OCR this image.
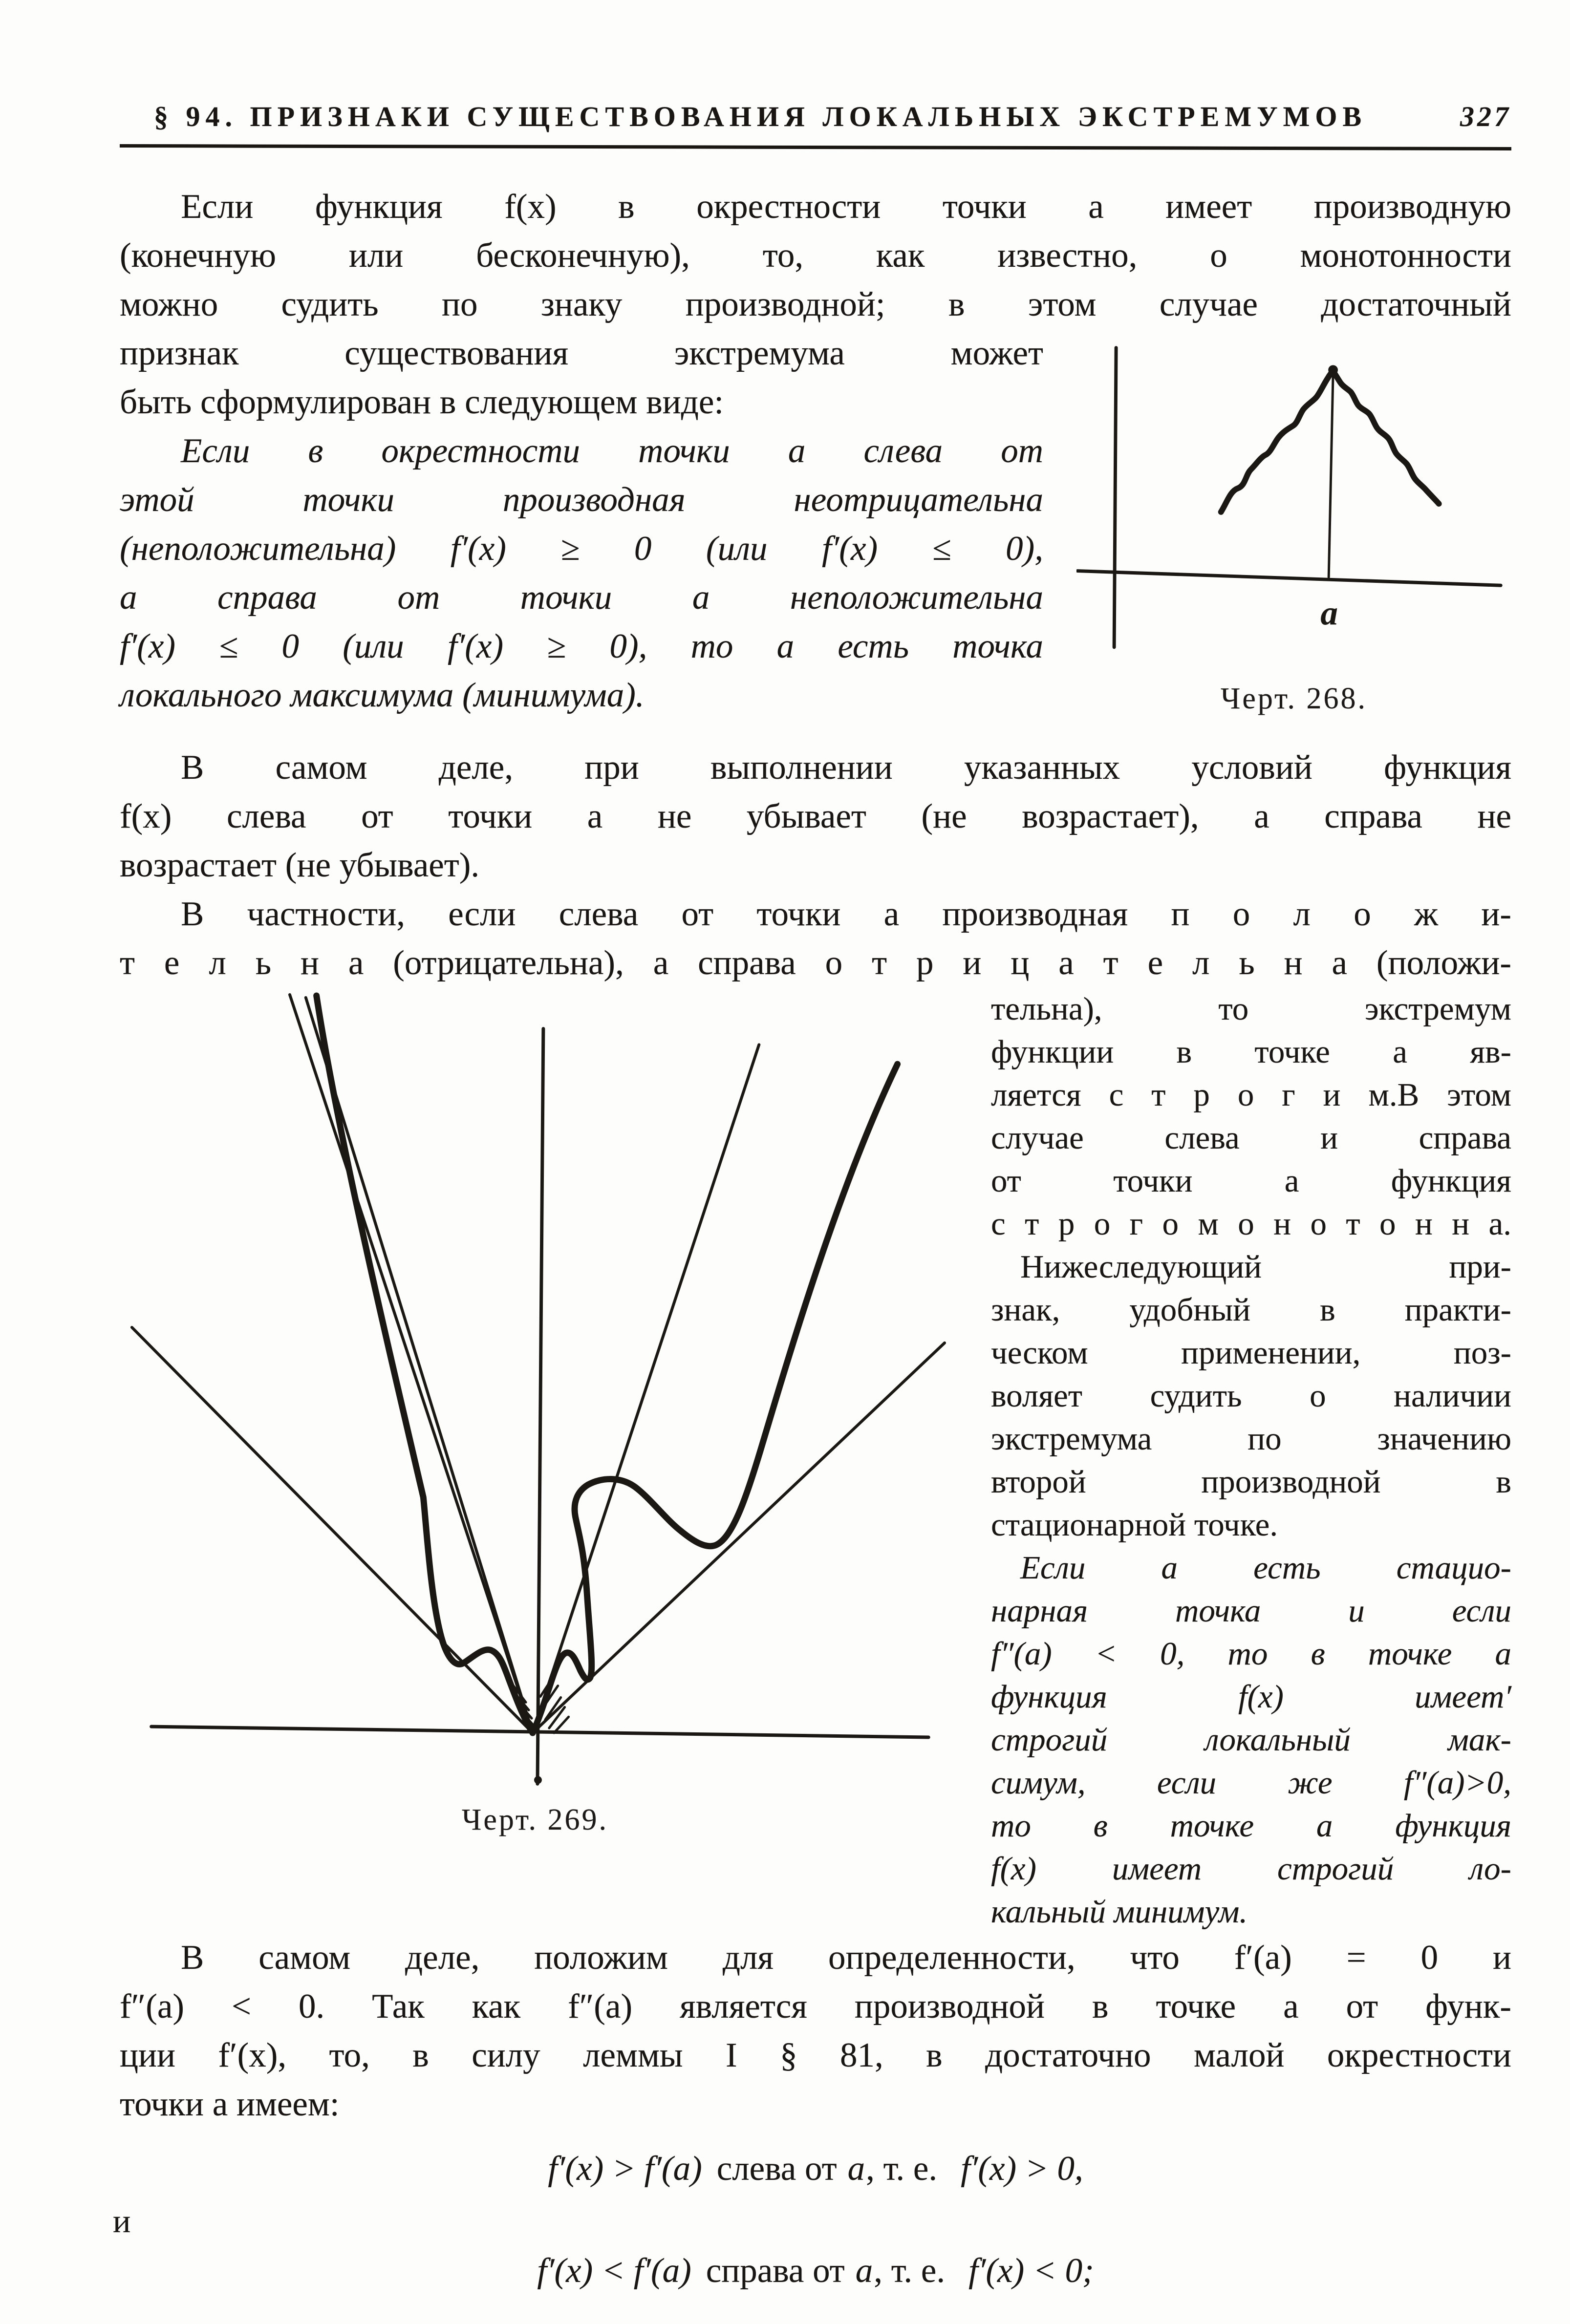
§ 94. ПРИЗНАКИ СУЩЕСТВОВАНИЯ ЛОКАЛЬНЫХ ЭКСТРЕМУМОВ	327

Если функция f(x) в окрестности точки a имеет производную
(конечную или бесконечную), то, как известно, о монотонности
можно судить по знаку производной; в этом случае достаточный

a
Черт. 268.

признак существования экстремума может
быть сформулирован в следующем виде:

Если в окрестности точки a слева от
этой точки производная неотрицательна
(неположительна) f′(x) ≥ 0 (или f′(x) ≤ 0),
а справа от точки a неположительна
f′(x) ≤ 0 (или f′(x) ≥ 0), то a есть точка
локального максимума (минимума).

В самом деле, при выполнении указанных условий функция
f(x) слева от точки a не убывает (не возрастает), а справа не
возрастает (не убывает).

В частности, если слева от точки a производная п о л о ж и-
т е л ь н а (отрицательна), а справа о т р и ц а т е л ь н а (положи-

Черт. 269.

тельна), то экстремум
функции в точке a яв-
ляется с т р о г и м.В этом
случае слева и справа
от точки a функция
с т р о г о м о н о т о н н а.

Нижеследующий при-
знак, удобный в практи-
ческом применении, поз-
воляет судить о наличии
экстремума по значению
второй производной в
стационарной точке.

Если a есть стацио-
нарная точка и если
f″(a) < 0, то в точке a
функция f(x) имеет′
строгий локальный мак-
симум, если же f″(a)>0,
то в точке a функция
f(x) имеет строгий ло-
кальный минимум.

В самом деле, положим для определенности, что f′(a) = 0 и
f″(a) < 0. Так как f″(a) является производной в точке a от функ-
ции f′(x), то, в силу леммы I § 81, в достаточно малой окрестности
точки a имеем:

f′(x) > f′(a) слева от a, т. е. f′(x) > 0,
и
f′(x) < f′(a) справа от a, т. е. f′(x) < 0;
